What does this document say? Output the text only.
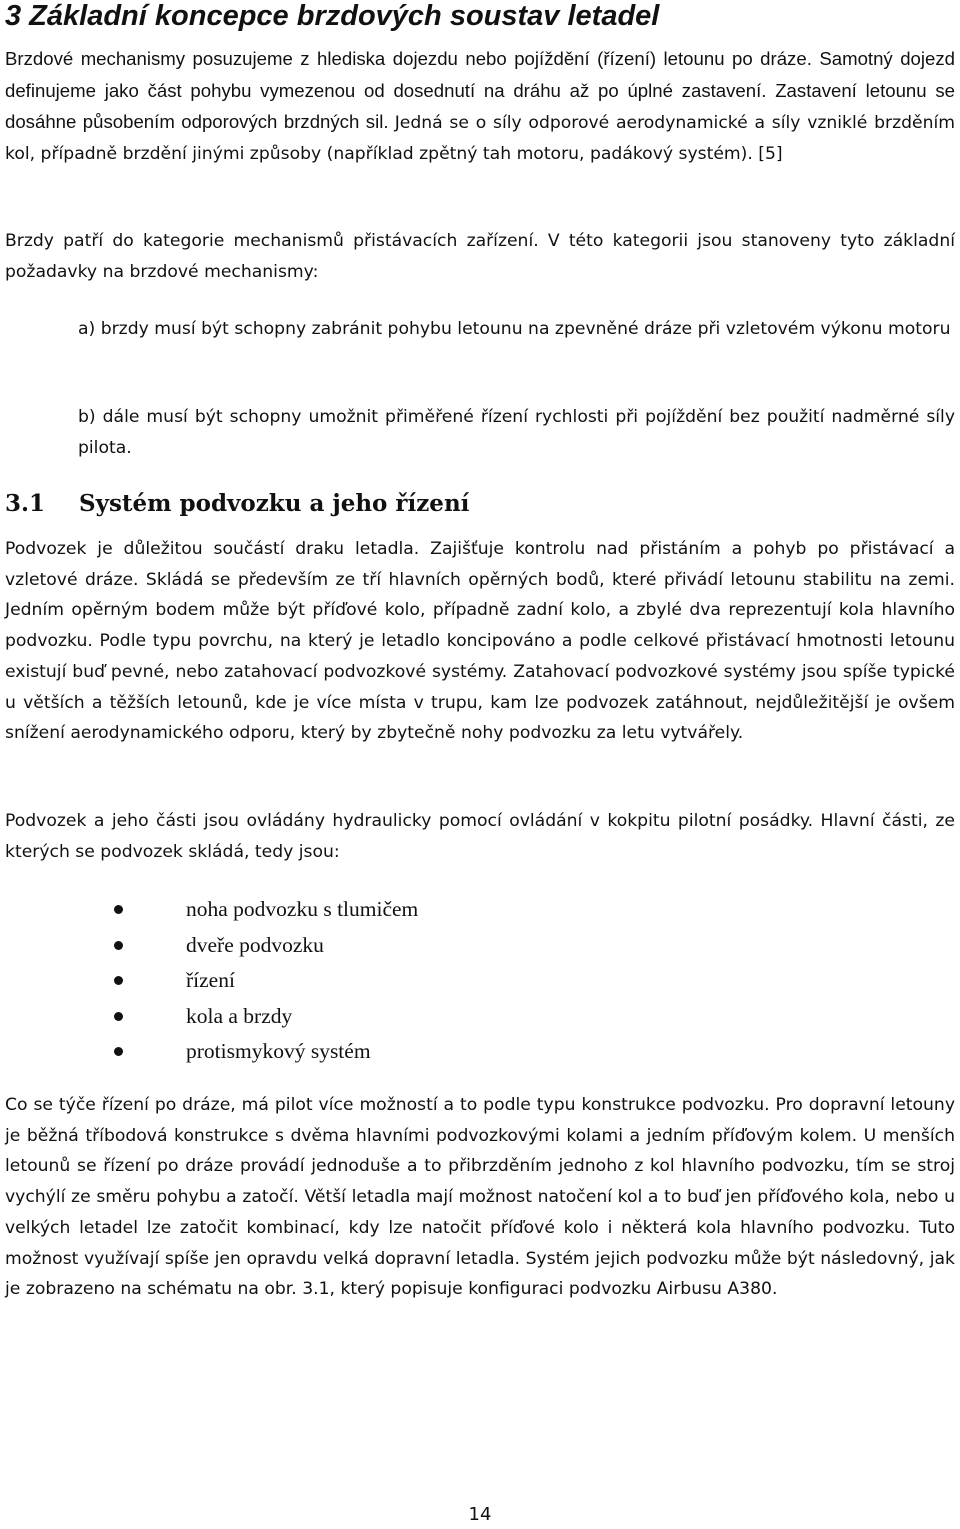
3 Základní koncepce brzdových soustav letadel

Brzdové mechanismy posuzujeme z hlediska dojezdu nebo pojíždění (řízení) letounu po dráze. Samotný dojezd definujeme jako část pohybu vymezenou od dosednutí na dráhu až po úplné zastavení. Zastavení letounu se dosáhne působením odporových brzdných sil. Jedná se o síly odporové aerodynamické a síly vzniklé brzděním kol, případně brzdění jinými způsoby (například zpětný tah motoru, padákový systém). [5]

Brzdy patří do kategorie mechanismů přistávacích zařízení. V této kategorii jsou stanoveny tyto základní požadavky na brzdové mechanismy:

a) brzdy musí být schopny zabránit pohybu letounu na zpevněné dráze při vzletovém výkonu motoru

b) dále musí být schopny umožnit přiměřené řízení rychlosti při pojíždění bez použití nadměrné síly pilota.

3.1 Systém podvozku a jeho řízení

Podvozek je důležitou součástí draku letadla. Zajišťuje kontrolu nad přistáním a pohyb po přistávací a vzletové dráze. Skládá se především ze tří hlavních opěrných bodů, které přivádí letounu stabilitu na zemi. Jedním opěrným bodem může být příďové kolo, případně zadní kolo, a zbylé dva reprezentují kola hlavního podvozku. Podle typu povrchu, na který je letadlo koncipováno a podle celkové přistávací hmotnosti letounu existují buď pevné, nebo zatahovací podvozkové systémy. Zatahovací podvozkové systémy jsou spíše typické u větších a těžších letounů, kde je více místa v trupu, kam lze podvozek zatáhnout, nejdůležitější je ovšem snížení aerodynamického odporu, který by zbytečně nohy podvozku za letu vytvářely.

Podvozek a jeho části jsou ovládány hydraulicky pomocí ovládání v kokpitu pilotní posádky. Hlavní části, ze kterých se podvozek skládá, tedy jsou:

noha podvozku s tlumičem
dveře podvozku
řízení
kola a brzdy
protismykový systém

Co se týče řízení po dráze, má pilot více možností a to podle typu konstrukce podvozku. Pro dopravní letouny je běžná tříbodová konstrukce s dvěma hlavními podvozkovými kolami a jedním příďovým kolem. U menších letounů se řízení po dráze provádí jednoduše a to přibrzděním jednoho z kol hlavního podvozku, tím se stroj vychýlí ze směru pohybu a zatočí. Větší letadla mají možnost natočení kol a to buď jen příďového kola, nebo u velkých letadel lze zatočit kombinací, kdy lze natočit příďové kolo i některá kola hlavního podvozku. Tuto možnost využívají spíše jen opravdu velká dopravní letadla. Systém jejich podvozku může být následovný, jak je zobrazeno na schématu na obr. 3.1, který popisuje konfiguraci podvozku Airbusu A380.

14
